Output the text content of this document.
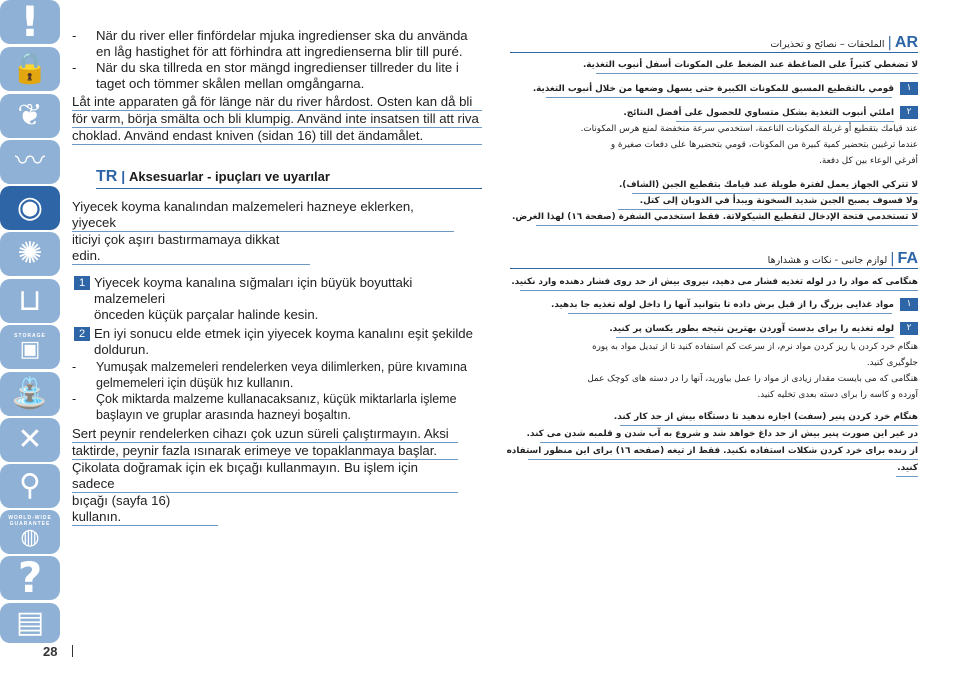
!
🔒
❦
〰
◉
✺
⊔
STORAGE
▣
⛲
✕
⚲
WORLD-WIDE GUARANTEE
◍
?
▤
- När du river eller finfördelar mjuka ingredienser ska du använda en låg hastighet för att förhindra att ingredienserna blir till puré.
- När du ska tillreda en stor mängd ingredienser tillreder du lite i taget och tömmer skålen mellan omgångarna.
Låt inte apparaten gå för länge när du river hårdost. Osten kan då bli
för varm, börja smälta och bli klumpig. Använd inte insatsen till att riva
choklad. Använd endast kniven (sidan 16) till det ändamålet.
TR | Aksesuarlar - ipuçları ve uyarılar
Yiyecek koyma kanalından malzemeleri hazneye eklerken, yiyecek
iticiyi çok aşırı bastırmamaya dikkat edin.
1 Yiyecek koyma kanalına sığmaları için büyük boyuttaki malzemeleri
önceden küçük parçalar halinde kesin.
2 En iyi sonucu elde etmek için yiyecek koyma kanalını eşit şekilde
doldurun.
- Yumuşak malzemeleri rendelerken veya dilimlerken, püre kıvamına
gelmemeleri için düşük hız kullanın.
- Çok miktarda malzeme kullanacaksanız, küçük miktarlarla işleme
başlayın ve gruplar arasında hazneyi boşaltın.
Sert peynir rendelerken cihazı çok uzun süreli çalıştırmayın. Aksi
taktirde, peynir fazla ısınarak erimeye ve topaklanmaya başlar.
Çikolata doğramak için ek bıçağı kullanmayın. Bu işlem için sadece
bıçağı (sayfa 16) kullanın.
AR | الملحقات – نصائح و تحذيرات
لا تضغطي كثيراً على الضاغطة عند الضغط على المكونات أسفل أنبوب التغذية.
١
قومي بالتقطيع المسبق للمكونات الكبيرة حتى يسهل وضعها من خلال أنبوب التغذية.
٢
املئي أنبوب التغذية بشكل متساوي للحصول على أفضل النتائج.
عند قيامك بتقطيع أو غربلة المكونات الناعمة، استخدمي سرعة منخفضة لمنع هرس المكونات.
عندما ترغبين بتحضير كمية كبيرة من المكونات، قومي بتحضيرها على دفعات صغيرة و
أفرغي الوعاء بين كل دفعة.
لا تتركي الجهاز يعمل لفترة طويلة عند قيامك بتقطيع الجبن (الشاف).
ولا فسوف يصبح الجبن شديد السخونة ويبدأ في الذوبان إلى كتل.
لا تستخدمي فتحة الإدخال لتقطيع الشيكولاتة. فقط استخدمي الشفرة (صفحة ١٦) لهذا الغرض.
FA | لوازم جانبی - نکات و هشدارها
هنگامی که مواد را در لوله تغذیه فشار می دهید، نیروی بیش از حد روی فشار دهنده وارد نکنید.
١
مواد غذایی بزرگ را از قبل برش داده تا بتوانید آنها را داخل لوله تغذیه جا بدهید.
٢
لوله تغذیه را برای بدست آوردن بهترین نتیجه بطور یکسان پر کنید.
هنگام خرد کردن یا ریز کردن مواد نرم، از سرعت کم استفاده کنید تا از تبدیل مواد به پوره
جلوگیری کنید.
هنگامی که می بایست مقدار زیادی از مواد را عمل بیاورید، آنها را در دسته های کوچک عمل
آورده و کاسه را برای دسته بعدی تخلیه کنید.
هنگام خرد کردن پنیر (سفت) اجازه ندهید تا دستگاه بیش از حد کار کند.
در غیر این صورت پنیر بیش از حد داغ خواهد شد و شروع به آب شدن و قلمبه شدن می کند.
از رنده برای خرد کردن شکلات استفاده نکنید. فقط از تیغه (صفحه ١٦) برای این منظور استفاده
کنید.
28
